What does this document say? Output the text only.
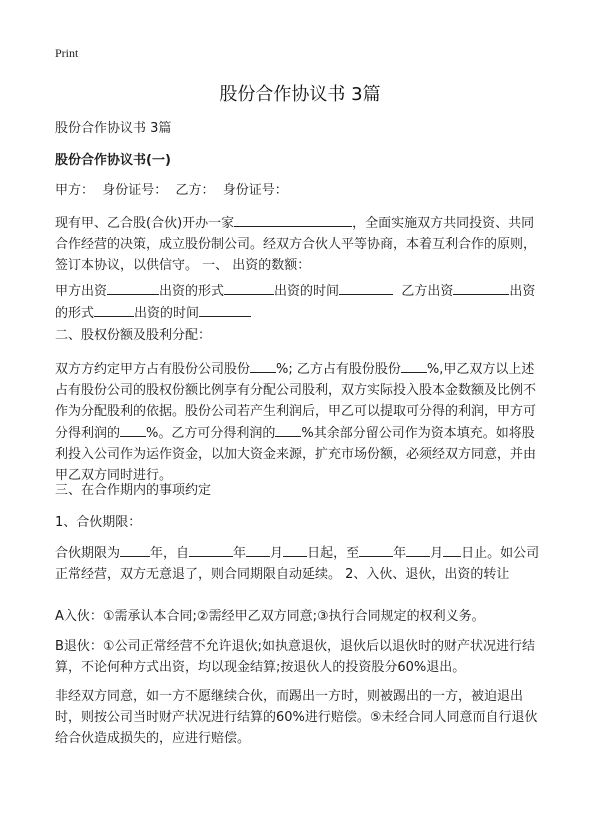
Print
股份合作协议书 3篇

股份合作协议书 3篇

股份合作协议书(一)

甲方：  身份证号：  乙方：  身份证号：

现有甲、乙合股(合伙)开办一家	，全面实施双方共同投资、共同合作经营的决策，成立股份制公司。经双方合伙人平等协商，本着互利合作的原则，签订本协议，以供信守。 一、 出资的数额：

甲方出资	出资的形式	出资的时间	乙方出资	出资的形式	出资的时间

二、股权份额及股利分配：

双方方约定甲方占有股份公司股份 %; 乙方占有股份股份 %,甲乙双方以上述占有股份公司的股权份额比例享有分配公司股利，双方实际投入股本金数额及比例不作为分配股利的依据。股份公司若产生利润后，甲乙可以提取可分得的利润，甲方可分得利润的 %。乙方可分得利润的 %其余部分留公司作为资本填充。如将股利投入公司作为运作资金，以加大资金来源，扩充市场份额，必须经双方同意，并由甲乙双方同时进行。

三、在合作期内的事项约定

1、合伙期限：

合伙期限为 年，自	年 月 日起，至	年 月 日止。如公司正常经营，双方无意退了，则合同期限自动延续。 2、入伙、退伙，出资的转让

A入伙：①需承认本合同;②需经甲乙双方同意;③执行合同规定的权利义务。

B退伙：①公司正常经营不允许退伙;如执意退伙，退伙后以退伙时的财产状况进行结算，不论何种方式出资，均以现金结算;按退伙人的投资股分60%退出。

非经双方同意，如一方不愿继续合伙，而踢出一方时，则被踢出的一方，被迫退出时，则按公司当时财产状况进行结算的60%进行赔偿。⑤未经合同人同意而自行退伙给合伙造成损失的，应进行赔偿。
